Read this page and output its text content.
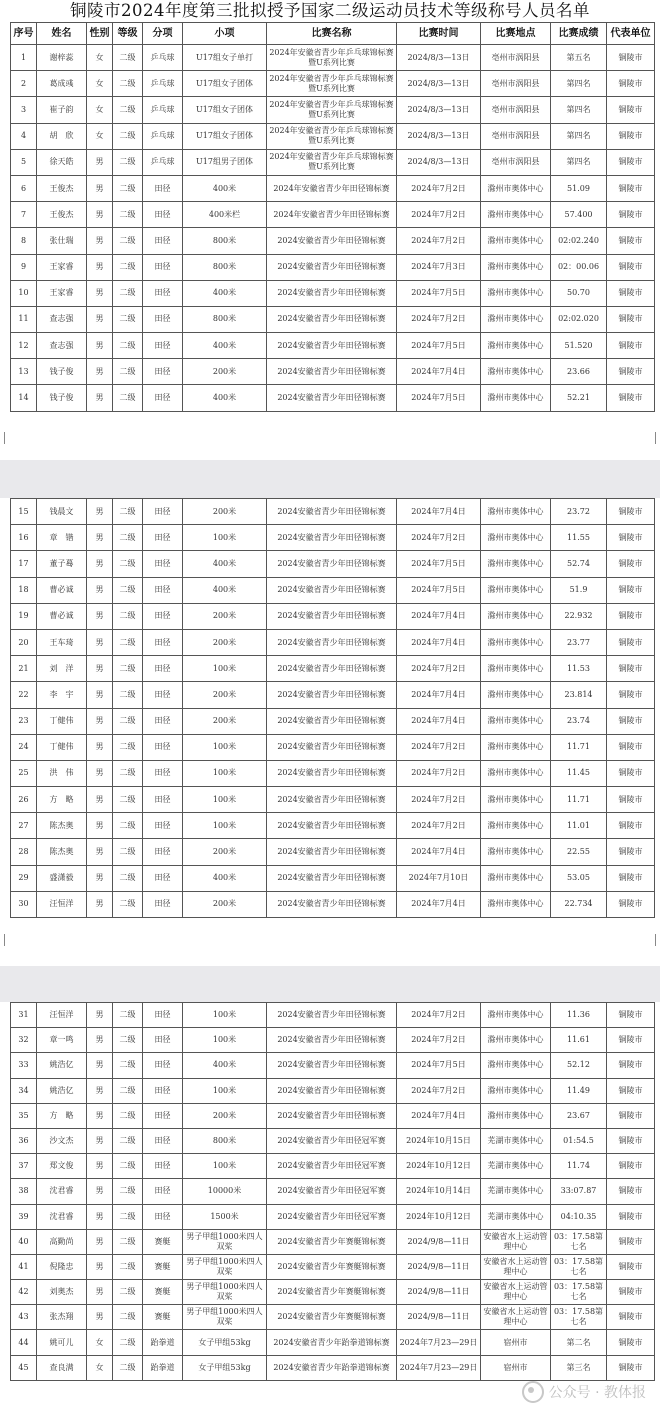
铜陵市2024年度第三批拟授予国家二级运动员技术等级称号人员名单
序号	姓名	性别	等级	分项	小项	比赛名称	比赛时间	比赛地点	比赛成绩	代表单位
1	谢梓蕊	女	二级	乒乓球	U17组女子单打	2024年安徽省青少年乒乓球锦标赛暨U系列比赛	2024/8/3—13日	亳州市涡阳县	第五名	铜陵市
2	葛成彧	女	二级	乒乓球	U17组女子团体	2024年安徽省青少年乒乓球锦标赛暨U系列比赛	2024/8/3—13日	亳州市涡阳县	第四名	铜陵市
3	崔子韵	女	二级	乒乓球	U17组女子团体	2024年安徽省青少年乒乓球锦标赛暨U系列比赛	2024/8/3—13日	亳州市涡阳县	第四名	铜陵市
4	胡　欣	女	二级	乒乓球	U17组女子团体	2024年安徽省青少年乒乓球锦标赛暨U系列比赛	2024/8/3—13日	亳州市涡阳县	第四名	铜陵市
5	徐天皓	男	二级	乒乓球	U17组男子团体	2024年安徽省青少年乒乓球锦标赛暨U系列比赛	2024/8/3—13日	亳州市涡阳县	第四名	铜陵市
6	王俊杰	男	二级	田径	400米	2024年安徽省青少年田径锦标赛	2024年7月2日	滁州市奥体中心	51.09	铜陵市
7	王俊杰	男	二级	田径	400米栏	2024年安徽省青少年田径锦标赛	2024年7月2日	滁州市奥体中心	57.400	铜陵市
8	张仕瑞	男	二级	田径	800米	2024安徽省青少年田径锦标赛	2024年7月2日	滁州市奥体中心	02:02.240	铜陵市
9	王家睿	男	二级	田径	800米	2024安徽省青少年田径锦标赛	2024年7月3日	滁州市奥体中心	02：00.06	铜陵市
10	王家睿	男	二级	田径	400米	2024安徽省青少年田径锦标赛	2024年7月5日	滁州市奥体中心	50.70	铜陵市
11	查志强	男	二级	田径	800米	2024安徽省青少年田径锦标赛	2024年7月2日	滁州市奥体中心	02:02.020	铜陵市
12	查志强	男	二级	田径	400米	2024安徽省青少年田径锦标赛	2024年7月5日	滁州市奥体中心	51.520	铜陵市
13	钱子俊	男	二级	田径	200米	2024安徽省青少年田径锦标赛	2024年7月4日	滁州市奥体中心	23.66	铜陵市
14	钱子俊	男	二级	田径	400米	2024安徽省青少年田径锦标赛	2024年7月5日	滁州市奥体中心	52.21	铜陵市
15	钱晨文	男	二级	田径	200米	2024安徽省青少年田径锦标赛	2024年7月4日	滁州市奥体中心	23.72	铜陵市
16	章　锴	男	二级	田径	100米	2024安徽省青少年田径锦标赛	2024年7月2日	滁州市奥体中心	11.55	铜陵市
17	董子蓦	男	二级	田径	400米	2024安徽省青少年田径锦标赛	2024年7月5日	滁州市奥体中心	52.74	铜陵市
18	曹必诚	男	二级	田径	400米	2024安徽省青少年田径锦标赛	2024年7月5日	滁州市奥体中心	51.9	铜陵市
19	曹必诚	男	二级	田径	200米	2024安徽省青少年田径锦标赛	2024年7月4日	滁州市奥体中心	22.932	铜陵市
20	王车琦	男	二级	田径	200米	2024安徽省青少年田径锦标赛	2024年7月4日	滁州市奥体中心	23.77	铜陵市
21	刘　洋	男	二级	田径	100米	2024安徽省青少年田径锦标赛	2024年7月2日	滁州市奥体中心	11.53	铜陵市
22	李　宇	男	二级	田径	200米	2024安徽省青少年田径锦标赛	2024年7月4日	滁州市奥体中心	23.814	铜陵市
23	丁健伟	男	二级	田径	200米	2024安徽省青少年田径锦标赛	2024年7月4日	滁州市奥体中心	23.74	铜陵市
24	丁健伟	男	二级	田径	100米	2024安徽省青少年田径锦标赛	2024年7月2日	滁州市奥体中心	11.71	铜陵市
25	洪　伟	男	二级	田径	100米	2024安徽省青少年田径锦标赛	2024年7月2日	滁州市奥体中心	11.45	铜陵市
26	方　略	男	二级	田径	100米	2024安徽省青少年田径锦标赛	2024年7月2日	滁州市奥体中心	11.71	铜陵市
27	陈杰奥	男	二级	田径	100米	2024安徽省青少年田径锦标赛	2024年7月2日	滁州市奥体中心	11.01	铜陵市
28	陈杰奥	男	二级	田径	200米	2024安徽省青少年田径锦标赛	2024年7月4日	滁州市奥体中心	22.55	铜陵市
29	盛潇毅	男	二级	田径	400米	2024安徽省青少年田径锦标赛	2024年7月10日	滁州市奥体中心	53.05	铜陵市
30	汪恒洋	男	二级	田径	200米	2024安徽省青少年田径锦标赛	2024年7月4日	滁州市奥体中心	22.734	铜陵市
31	汪恒洋	男	二级	田径	100米	2024安徽省青少年田径锦标赛	2024年7月2日	滁州市奥体中心	11.36	铜陵市
32	章一鸣	男	二级	田径	100米	2024安徽省青少年田径锦标赛	2024年7月2日	滁州市奥体中心	11.61	铜陵市
33	姚浩亿	男	二级	田径	400米	2024安徽省青少年田径锦标赛	2024年7月5日	滁州市奥体中心	52.12	铜陵市
34	姚浩亿	男	二级	田径	100米	2024安徽省青少年田径锦标赛	2024年7月2日	滁州市奥体中心	11.49	铜陵市
35	方　略	男	二级	田径	200米	2024安徽省青少年田径锦标赛	2024年7月4日	滁州市奥体中心	23.67	铜陵市
36	沙文杰	男	二级	田径	800米	2024安徽省青少年田径冠军赛	2024年10月15日	芜湖市奥体中心	01:54.5	铜陵市
37	郑文俊	男	二级	田径	100米	2024安徽省青少年田径冠军赛	2024年10月12日	芜湖市奥体中心	11.74	铜陵市
38	沈君睿	男	二级	田径	10000米	2024安徽省青少年田径冠军赛	2024年10月14日	芜湖市奥体中心	33:07.87	铜陵市
39	沈君睿	男	二级	田径	1500米	2024安徽省青少年田径冠军赛	2024年10月12日	芜湖市奥体中心	04:10.35	铜陵市
40	高勤尚	男	二级	赛艇	男子甲组1000米四人双桨	2024安徽省青少年赛艇锦标赛	2024/9/8—11日	安徽省水上运动管理中心	03：17.58第七名	铜陵市
41	倪隆忠	男	二级	赛艇	男子甲组1000米四人双桨	2024安徽省青少年赛艇锦标赛	2024/9/8—11日	安徽省水上运动管理中心	03：17.58第七名	铜陵市
42	刘奥杰	男	二级	赛艇	男子甲组1000米四人双桨	2024安徽省青少年赛艇锦标赛	2024/9/8—11日	安徽省水上运动管理中心	03：17.58第七名	铜陵市
43	张杰翔	男	二级	赛艇	男子甲组1000米四人双桨	2024安徽省青少年赛艇锦标赛	2024/9/8—11日	安徽省水上运动管理中心	03：17.58第七名	铜陵市
44	姚可儿	女	二级	跆拳道	女子甲组53kg	2024安徽省青少年跆拳道锦标赛	2024年7月23—29日	宿州市	第二名	铜陵市
45	查良满	女	二级	跆拳道	女子甲组53kg	2024安徽省青少年跆拳道锦标赛	2024年7月23—29日	宿州市	第三名	铜陵市
公众号 · 教体报
